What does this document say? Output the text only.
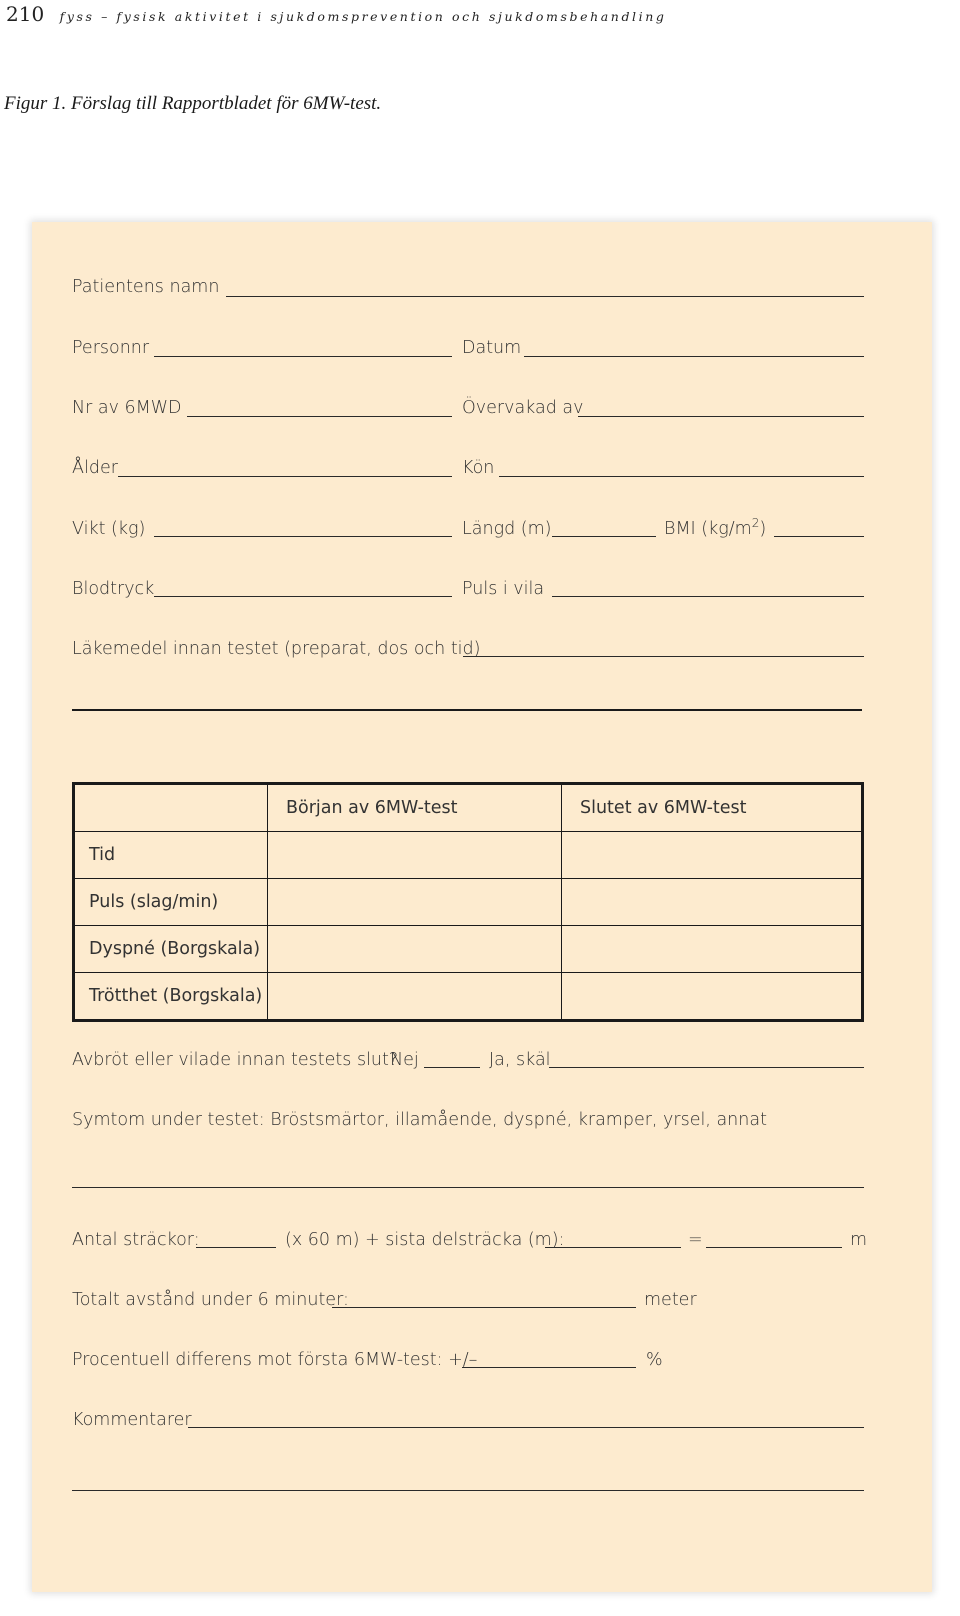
210 fyss – fysisk aktivitet i sjukdomsprevention och sjukdomsbehandling
Figur 1. Förslag till Rapportbladet för 6MW-test.
Patientens namn
Personnr	Datum
Nr av 6MWD	Övervakad av
Ålder	Kön
Vikt (kg)	Längd (m)	BMI $(kg/m^2)$
Blodtryck	Puls i vila
Läkemedel innan testet (preparat, dos och tid)
	Början av 6MW-test	Slutet av 6MW-test
Tid		
Puls (slag/min)		
Dyspné (Borgskala)		
Trötthet (Borgskala)		
Avbröt eller vilade innan testets slut?
Nej	Ja, skäl
Symtom under testet: Bröstsmärtor, illamående, dyspné, kramper, yrsel, annat
Antal sträckor:	(x 60 m) + sista delsträcka (m):	=	m
Totalt avstånd under 6 minuter:	meter
Procentuell differens mot första 6MW-test: +/–	%
Kommentarer
